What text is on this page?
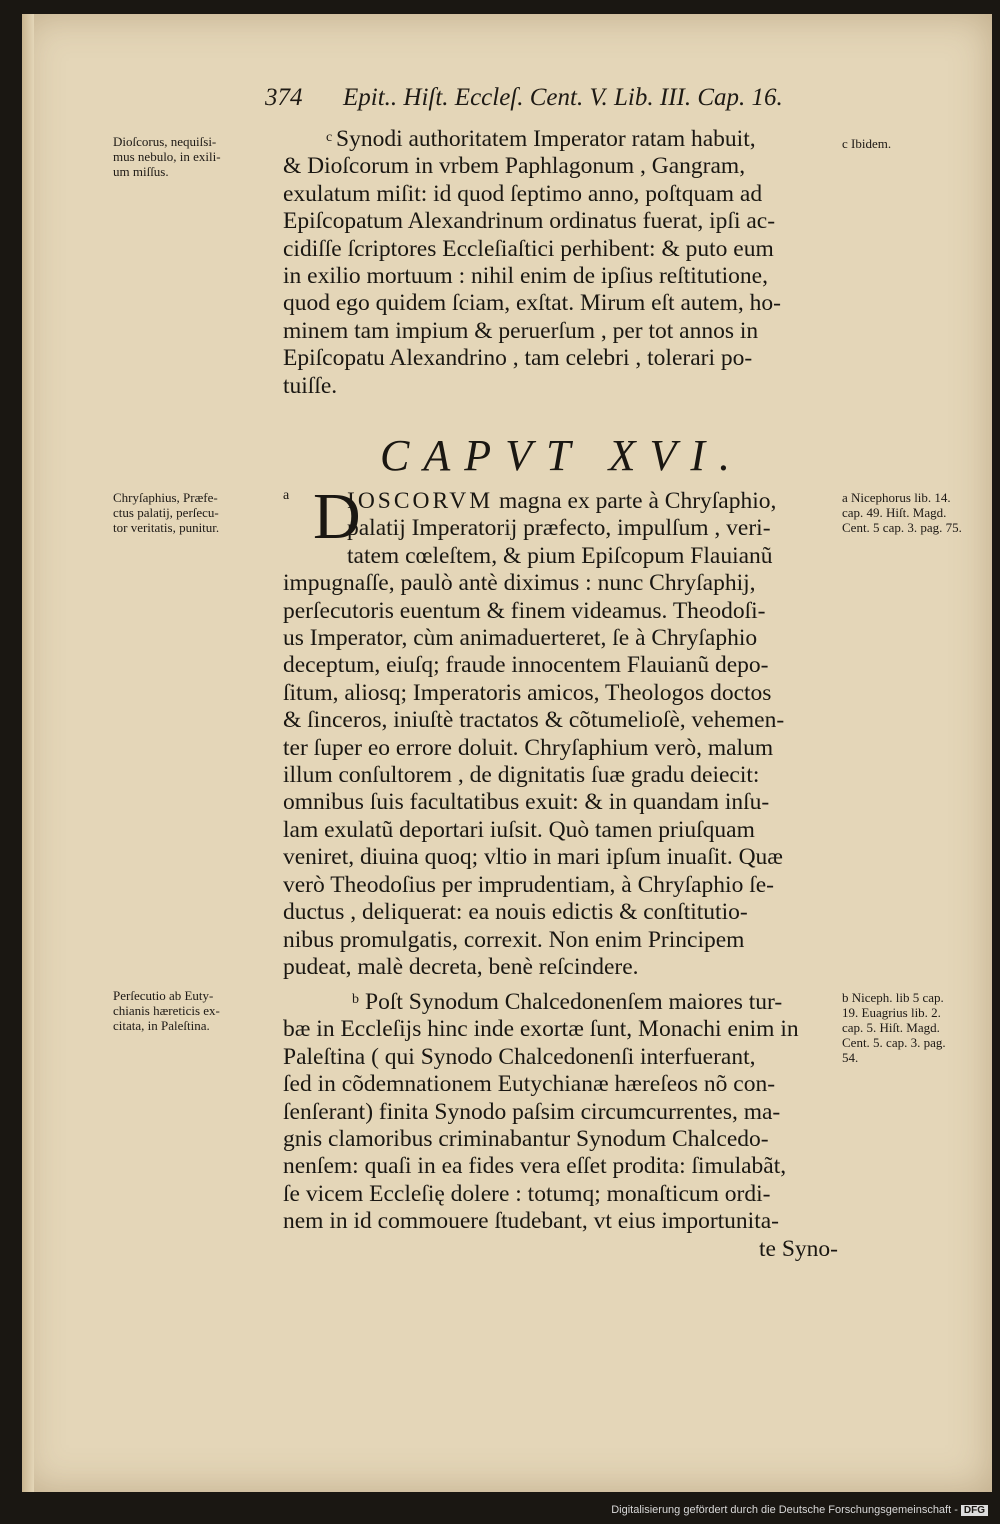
374 Epit.. Hiſt. Eccleſ. Cent. V. Lib. III. Cap. 16.
Dioſcorus, nequiſsi-
mus nebulo, in exili-
um miſſus.
c Ibidem.
c Synodi authoritatem Imperator ratam habuit,
& Dioſcorum in vrbem Paphlagonum , Gangram,
exulatum miſit: id quod ſeptimo anno, poſtquam ad
Epiſcopatum Alexandrinum ordinatus fuerat, ipſi ac-
cidiſſe ſcriptores Eccleſiaſtici perhibent: & puto eum
in exilio mortuum : nihil enim de ipſius reſtitutione,
quod ego quidem ſciam, exſtat. Mirum eſt autem, ho-
minem tam impium & peruerſum , per tot annos in
Epiſcopatu Alexandrino , tam celebri , tolerari po-
tuiſſe.
CAPVT XVI.
Chryſaphius, Præfe-
ctus palatij, perſecu-
tor veritatis, punitur.
a Nicephorus lib. 14.
cap. 49. Hiſt. Magd.
Cent. 5 cap. 3. pag. 75.
a D
IOSCORVM magna ex parte à Chryſaphio,
palatij Imperatorij præfecto, impulſum , veri-
tatem cœleſtem, & pium Epiſcopum Flauianũ
impugnaſſe, paulò antè diximus : nunc Chryſaphij,
perſecutoris euentum & finem videamus. Theodoſi-
us Imperator, cùm animaduerteret, ſe à Chryſaphio
deceptum, eiuſq; fraude innocentem Flauianũ depo-
ſitum, aliosq; Imperatoris amicos, Theologos doctos
& ſinceros, iniuſtè tractatos & cõtumelioſè, vehemen-
ter ſuper eo errore doluit. Chryſaphium verò, malum
illum conſultorem , de dignitatis ſuæ gradu deiecit:
omnibus ſuis facultatibus exuit: & in quandam inſu-
lam exulatũ deportari iuſsit. Quò tamen priuſquam
veniret, diuina quoq; vltio in mari ipſum inuaſit. Quæ
verò Theodoſius per imprudentiam, à Chryſaphio ſe-
ductus , deliquerat: ea nouis edictis & conſtitutio-
nibus promulgatis, correxit. Non enim Principem
pudeat, malè decreta, benè reſcindere.
Perſecutio ab Euty-
chianis hæreticis ex-
citata, in Paleſtina.
b Niceph. lib 5 cap.
19. Euagrius lib. 2.
cap. 5. Hiſt. Magd.
Cent. 5. cap. 3. pag.
54.
b Poſt Synodum Chalcedonenſem maiores tur-
bæ in Eccleſijs hinc inde exortæ ſunt, Monachi enim in
Paleſtina ( qui Synodo Chalcedonenſi interfuerant,
ſed in cõdemnationem Eutychianæ hæreſeos nõ con-
ſenſerant) finita Synodo paſsim circumcurrentes, ma-
gnis clamoribus criminabantur Synodum Chalcedo-
nenſem: quaſi in ea fides vera eſſet prodita: ſimulabãt,
ſe vicem Eccleſię dolere : totumq; monaſticum ordi-
nem in id commouere ſtudebant, vt eius importunita-
te Syno-
Digitalisierung gefördert durch die Deutsche Forschungsgemeinschaft - DFG
